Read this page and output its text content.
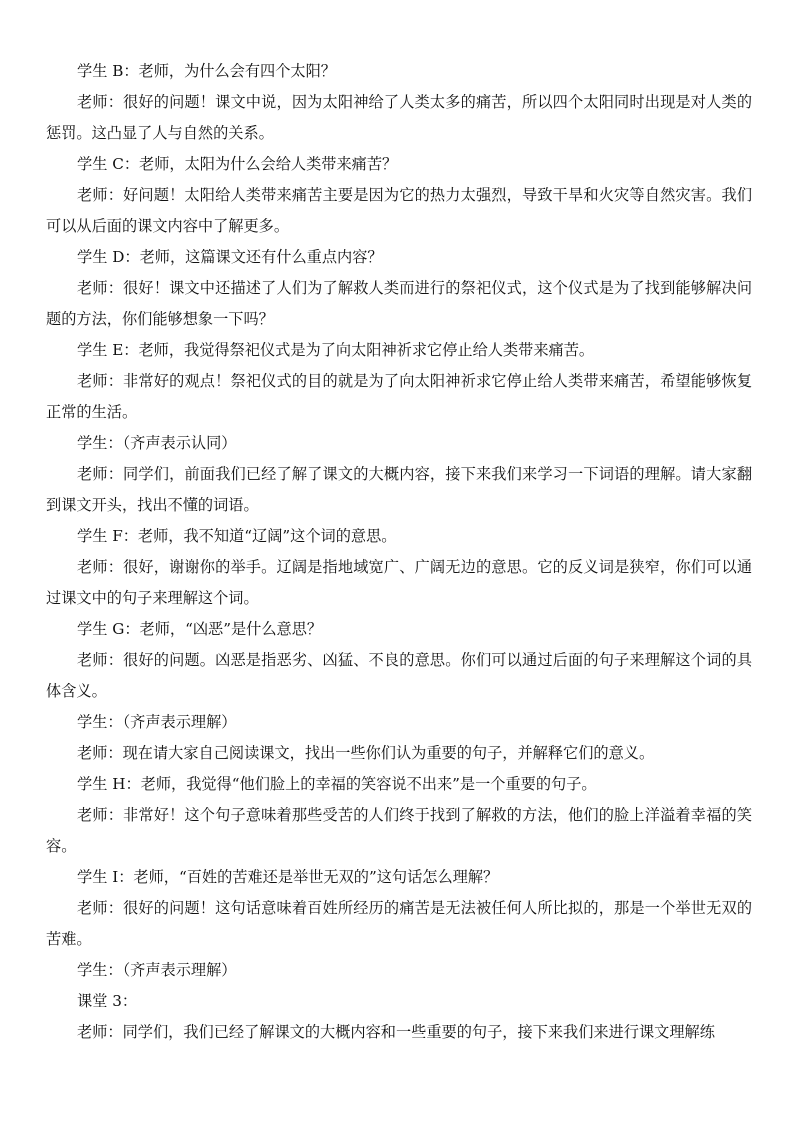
学生 B：老师，为什么会有四个太阳？

老师：很好的问题！课文中说，因为太阳神给了人类太多的痛苦，所以四个太阳同时出现是对人类的惩罚。这凸显了人与自然的关系。

学生 C：老师，太阳为什么会给人类带来痛苦？

老师：好问题！太阳给人类带来痛苦主要是因为它的热力太强烈，导致干旱和火灾等自然灾害。我们可以从后面的课文内容中了解更多。

学生 D：老师，这篇课文还有什么重点内容？

老师：很好！课文中还描述了人们为了解救人类而进行的祭祀仪式，这个仪式是为了找到能够解决问题的方法，你们能够想象一下吗？

学生 E：老师，我觉得祭祀仪式是为了向太阳神祈求它停止给人类带来痛苦。

老师：非常好的观点！祭祀仪式的目的就是为了向太阳神祈求它停止给人类带来痛苦，希望能够恢复正常的生活。

学生：（齐声表示认同）

老师：同学们，前面我们已经了解了课文的大概内容，接下来我们来学习一下词语的理解。请大家翻到课文开头，找出不懂的词语。

学生 F：老师，我不知道“辽阔”这个词的意思。

老师：很好，谢谢你的举手。辽阔是指地域宽广、广阔无边的意思。它的反义词是狭窄，你们可以通过课文中的句子来理解这个词。

学生 G：老师，“凶恶”是什么意思？

老师：很好的问题。凶恶是指恶劣、凶猛、不良的意思。你们可以通过后面的句子来理解这个词的具体含义。

学生：（齐声表示理解）

老师：现在请大家自己阅读课文，找出一些你们认为重要的句子，并解释它们的意义。

学生 H：老师，我觉得“他们脸上的幸福的笑容说不出来”是一个重要的句子。

老师：非常好！这个句子意味着那些受苦的人们终于找到了解救的方法，他们的脸上洋溢着幸福的笑容。

学生 I：老师，“百姓的苦难还是举世无双的”这句话怎么理解？

老师：很好的问题！这句话意味着百姓所经历的痛苦是无法被任何人所比拟的，那是一个举世无双的苦难。

学生：（齐声表示理解）

课堂 3：

老师：同学们，我们已经了解课文的大概内容和一些重要的句子，接下来我们来进行课文理解练
